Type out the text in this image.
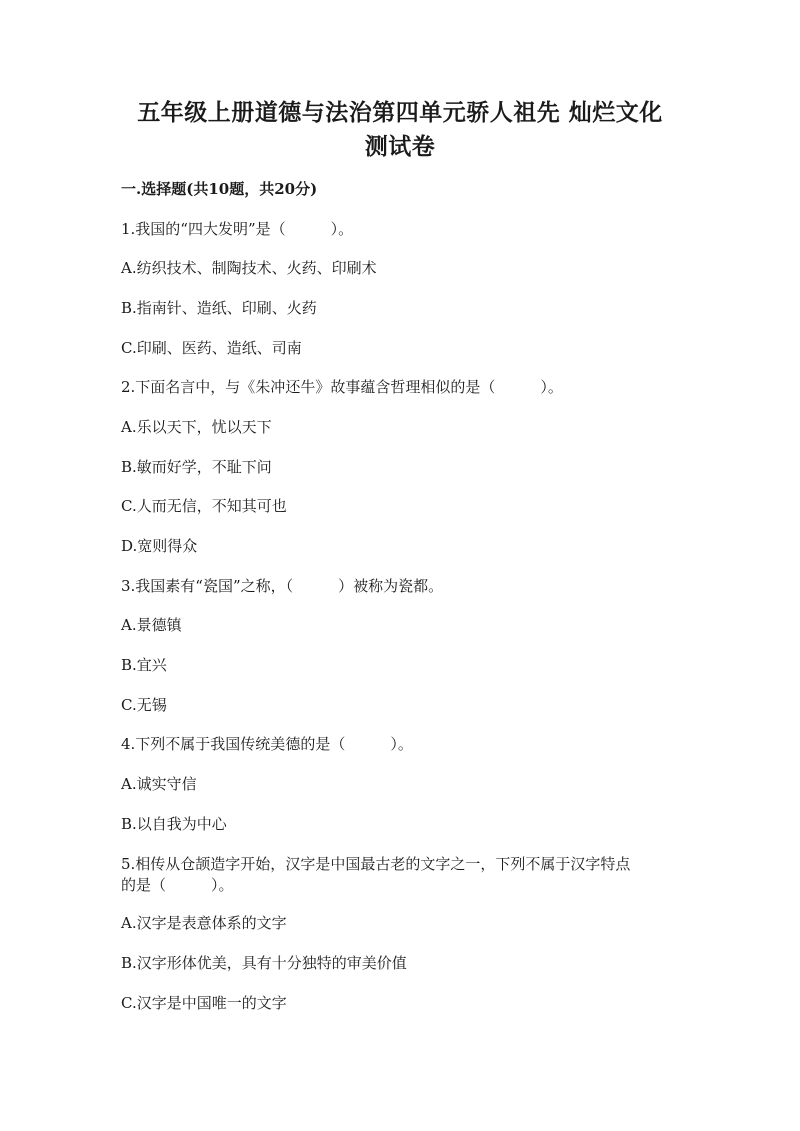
五年级上册道德与法治第四单元骄人祖先 灿烂文化
测试卷
一.选择题(共10题，共20分)
1.我国的“四大发明”是（　　　）。
A.纺织技术、制陶技术、火药、印刷术
B.指南针、造纸、印刷、火药
C.印刷、医药、造纸、司南
2.下面名言中，与《朱冲还牛》故事蕴含哲理相似的是（　　　）。
A.乐以天下，忧以天下
B.敏而好学，不耻下问
C.人而无信，不知其可也
D.宽则得众
3.我国素有“瓷国”之称，（　　　）被称为瓷都。
A.景德镇
B.宜兴
C.无锡
4.下列不属于我国传统美德的是（　　　）。
A.诚实守信
B.以自我为中心
5.相传从仓颉造字开始，汉字是中国最古老的文字之一，下列不属于汉字特点
的是（　　　）。
A.汉字是表意体系的文字
B.汉字形体优美，具有十分独特的审美价值
C.汉字是中国唯一的文字
